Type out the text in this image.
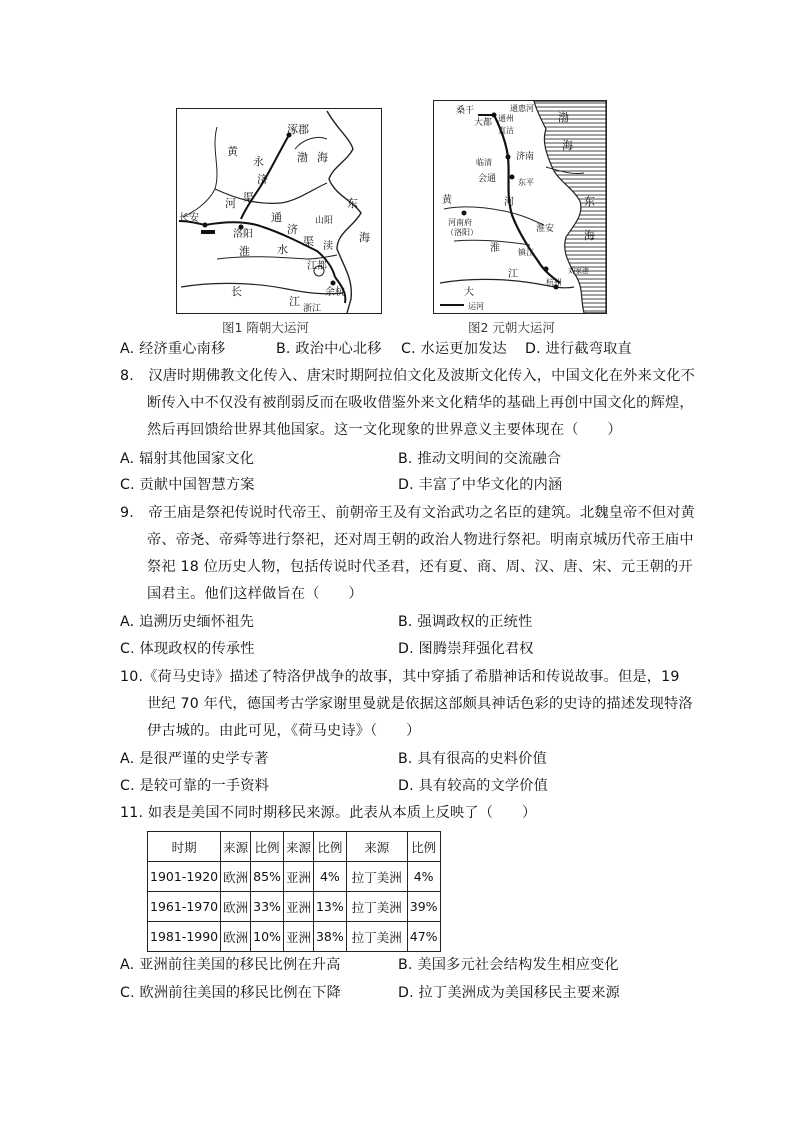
涿郡
黄
河
永
济
渠
渤 海
东
海
通
济
渠
长安
洛阳
山阳
渎
淮 水
江都
长
江
余杭
浙江
图1 隋朝大运河
桑干
大都 通州
直沽
通惠河
渤
海
济南
临清
会通	东平
黄	河
河南府
（洛阳）
东
海
淮
淮安
镇江
江
杭州
刘家港
大
运河
图2 元朝大运河
A. 经济重心南移	B. 政治中心北移 C. 水运更加发达 D. 进行截弯取直
8.　汉唐时期佛教文化传入、唐宋时期阿拉伯文化及波斯文化传入，中国文化在外来文化不
断传入中不仅没有被削弱反而在吸收借鉴外来文化精华的基础上再创中国文化的辉煌，
然后再回馈给世界其他国家。这一文化现象的世界意义主要体现在（　　）
A. 辐射其他国家文化	B. 推动文明间的交流融合
C. 贡献中国智慧方案	D. 丰富了中华文化的内涵
9.　帝王庙是祭祀传说时代帝王、前朝帝王及有文治武功之名臣的建筑。北魏皇帝不但对黄
帝、帝尧、帝舜等进行祭祀，还对周王朝的政治人物进行祭祀。明南京城历代帝王庙中
祭祀 18 位历史人物，包括传说时代圣君，还有夏、商、周、汉、唐、宋、元王朝的开
国君主。他们这样做旨在（　　）
A. 追溯历史缅怀祖先	B. 强调政权的正统性
C. 体现政权的传承性	D. 图腾崇拜强化君权
10.《荷马史诗》描述了特洛伊战争的故事，其中穿插了希腊神话和传说故事。但是，19
世纪 70 年代，德国考古学家谢里曼就是依据这部颇具神话色彩的史诗的描述发现特洛
伊古城的。由此可见，《荷马史诗》（　　）
A. 是很严谨的史学专著	B. 具有很高的史料价值
C. 是较可靠的一手资料	D. 具有较高的文学价值
11. 如表是美国不同时期移民来源。此表从本质上反映了（　　）
时期	来源	比例	来源	比例	来源	比例
1901-1920	欧洲	85%	亚洲	4%	拉丁美洲	4%
1961-1970	欧洲	33%	亚洲	13%	拉丁美洲	39%
1981-1990	欧洲	10%	亚洲	38%	拉丁美洲	47%
A. 亚洲前往美国的移民比例在升高	B. 美国多元社会结构发生相应变化
C. 欧洲前往美国的移民比例在下降	D. 拉丁美洲成为美国移民主要来源
